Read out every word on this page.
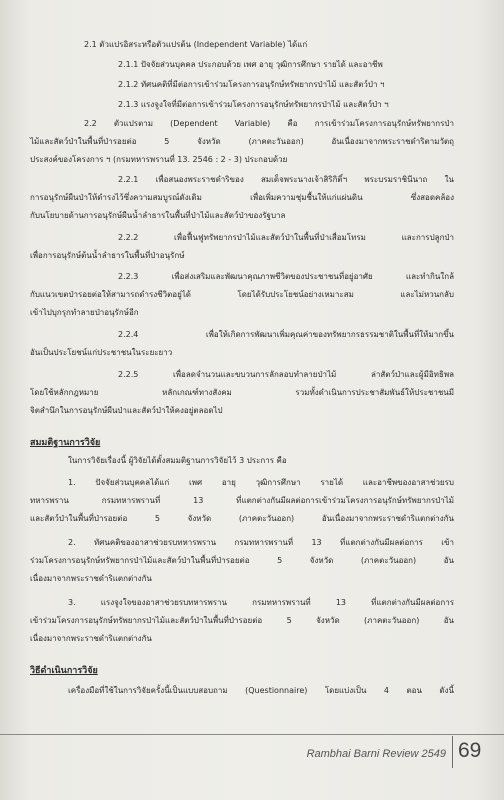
2.1 ตัวแปรอิสระหรือตัวแปรต้น (Independent Variable) ได้แก่
2.1.1 ปัจจัยส่วนบุคคล ประกอบด้วย เพศ อายุ วุฒิการศึกษา รายได้ และอาชีพ
2.1.2 ทัศนคติที่มีต่อการเข้าร่วมโครงการอนุรักษ์ทรัพยากรป่าไม้ และสัตว์ป่า ฯ
2.1.3 แรงจูงใจที่มีต่อการเข้าร่วมโครงการอนุรักษ์ทรัพยากรป่าไม้ และสัตว์ป่า ฯ
2.2 ตัวแปรตาม (Dependent Variable) คือ การเข้าร่วมโครงการอนุรักษ์ทรัพยากรป่า
ไม้และสัตว์ป่าในพื้นที่ป่ารอยต่อ 5 จังหวัด (ภาคตะวันออก) อันเนื่องมาจากพระราชดำริตามวัตถุ
ประสงค์ของโครงการ ฯ (กรมทหารพรานที่ 13. 2546 : 2 - 3) ประกอบด้วย
2.2.1 เพื่อสนองพระราชดำริของ สมเด็จพระนางเจ้าสิริกิติ์ฯ พระบรมราชินีนาถ ใน
การอนุรักษ์ผืนป่าให้ดำรงไว้ซึ่งความสมบูรณ์ดังเดิม เพื่อเพิ่มความชุ่มชื้นให้แก่แผ่นดิน ซึ่งสอดคล้อง
กับนโยบายด้านการอนุรักษ์ผืนน้ำลำธารในพื้นที่ป่าไม้และสัตว์ป่าของรัฐบาล
2.2.2 เพื่อฟื้นฟูทรัพยากรป่าไม้และสัตว์ป่าในพื้นที่ป่าเสื่อมโทรม และการปลูกป่า
เพื่อการอนุรักษ์ต้นน้ำลำธารในพื้นที่ป่าอนุรักษ์
2.2.3 เพื่อส่งเสริมและพัฒนาคุณภาพชีวิตของประชาชนที่อยู่อาศัย และทำกินใกล้
กับแนวเขตป่ารอยต่อให้สามารถดำรงชีวิตอยู่ได้ โดยได้รับประโยชน์อย่างเหมาะสม และไม่หวนกลับ
เข้าไปบุกรุกทำลายป่าอนุรักษ์อีก
2.2.4 เพื่อให้เกิดการพัฒนาเพิ่มคุณค่าของทรัพยากรธรรมชาติในพื้นที่ให้มากขึ้น
อันเป็นประโยชน์แก่ประชาชนในระยะยาว
2.2.5 เพื่อลดจำนวนและขบวนการลักลอบทำลายป่าไม้ ล่าสัตว์ป่าและผู้มีอิทธิพล
โดยใช้หลักกฎหมาย หลักเกณฑ์ทางสังคม รวมทั้งดำเนินการประชาสัมพันธ์ให้ประชาชนมี
จิตสำนึกในการอนุรักษ์ผืนป่าและสัตว์ป่าให้คงอยู่ตลอดไป
สมมติฐานการวิจัย
ในการวิจัยเรื่องนี้ ผู้วิจัยได้ตั้งสมมติฐานการวิจัยไว้ 3 ประการ คือ
1. ปัจจัยส่วนบุคคลได้แก่ เพศ อายุ วุฒิการศึกษา รายได้ และอาชีพของอาสาช่วยรบ
ทหารพราน กรมทหารพรานที่ 13 ที่แตกต่างกันมีผลต่อการเข้าร่วมโครงการอนุรักษ์ทรัพยากรป่าไม้
และสัตว์ป่าในพื้นที่ป่ารอยต่อ 5 จังหวัด (ภาคตะวันออก) อันเนื่องมาจากพระราชดำริแตกต่างกัน
2. ทัศนคติของอาสาช่วยรบทหารพราน กรมทหารพรานที่ 13 ที่แตกต่างกันมีผลต่อการ เข้า
ร่วมโครงการอนุรักษ์ทรัพยากรป่าไม้และสัตว์ป่าในพื้นที่ป่ารอยต่อ 5 จังหวัด (ภาคตะวันออก) อัน
เนื่องมาจากพระราชดำริแตกต่างกัน
3. แรงจูงใจของอาสาช่วยรบทหารพราน กรมทหารพรานที่ 13 ที่แตกต่างกันมีผลต่อการ
เข้าร่วมโครงการอนุรักษ์ทรัพยากรป่าไม้และสัตว์ป่าในพื้นที่ป่ารอยต่อ 5 จังหวัด (ภาคตะวันออก) อัน
เนื่องมาจากพระราชดำริแตกต่างกัน
วิธีดำเนินการวิจัย
เครื่องมือที่ใช้ในการวิจัยครั้งนี้เป็นแบบสอบถาม (Questionnaire) โดยแบ่งเป็น 4 ตอน ดังนี้
Rambhai Barni Review 2549 69
